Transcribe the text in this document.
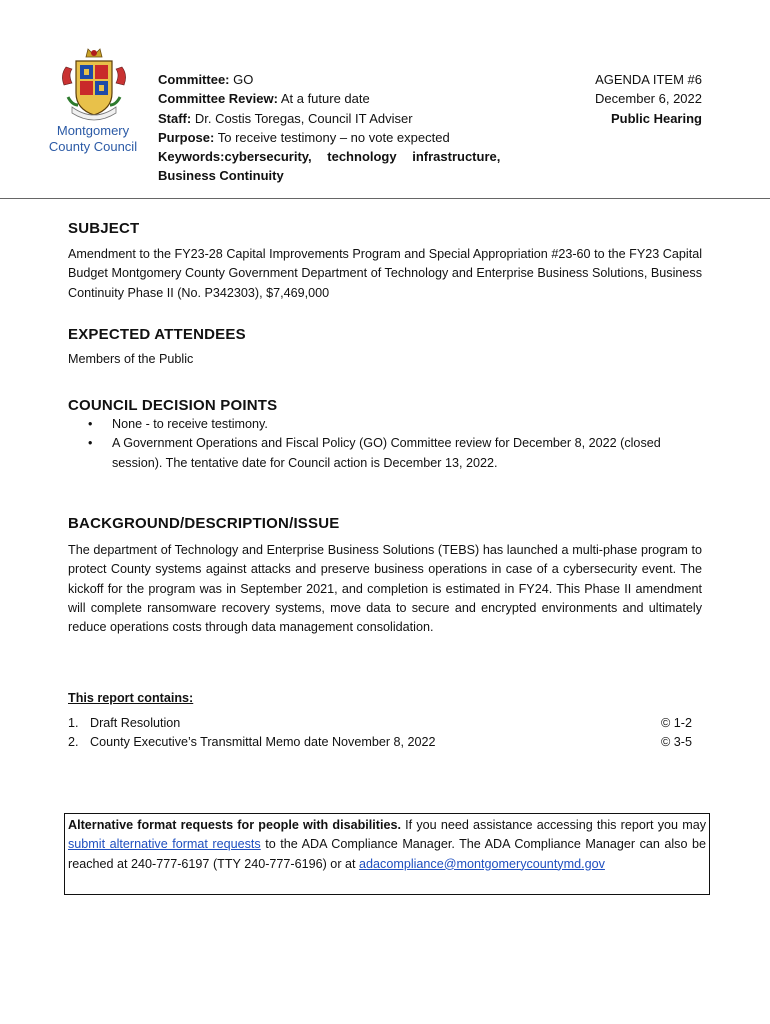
Montgomery
County Council
Committee: GO
Committee Review: At a future date
Staff: Dr. Costis Toregas, Council IT Adviser
Purpose: To receive testimony – no vote expected
Keywords:cybersecurity, technology infrastructure,
Business Continuity
AGENDA ITEM #6
December 6, 2022
Public Hearing
SUBJECT
Amendment to the FY23-28 Capital Improvements Program and Special Appropriation #23-60 to the FY23 Capital Budget Montgomery County Government Department of Technology and Enterprise Business Solutions, Business Continuity Phase II (No. P342303), $7,469,000
EXPECTED ATTENDEES
Members of the Public
COUNCIL DECISION POINTS
• None - to receive testimony.
• A Government Operations and Fiscal Policy (GO) Committee review for December 8, 2022 (closed session). The tentative date for Council action is December 13, 2022.
BACKGROUND/DESCRIPTION/ISSUE
The department of Technology and Enterprise Business Solutions (TEBS) has launched a multi-phase program to protect County systems against attacks and preserve business operations in case of a cybersecurity event. The kickoff for the program was in September 2021, and completion is estimated in FY24. This Phase II amendment will complete ransomware recovery systems, move data to secure and encrypted environments and ultimately reduce operations costs through data management consolidation.
This report contains:
1. Draft Resolution	© 1-2
2. County Executive’s Transmittal Memo date November 8, 2022	© 3-5
Alternative format requests for people with disabilities. If you need assistance accessing this report you may submit alternative format requests to the ADA Compliance Manager. The ADA Compliance Manager can also be reached at 240-777-6197 (TTY 240-777-6196) or at adacompliance@montgomerycountymd.gov
